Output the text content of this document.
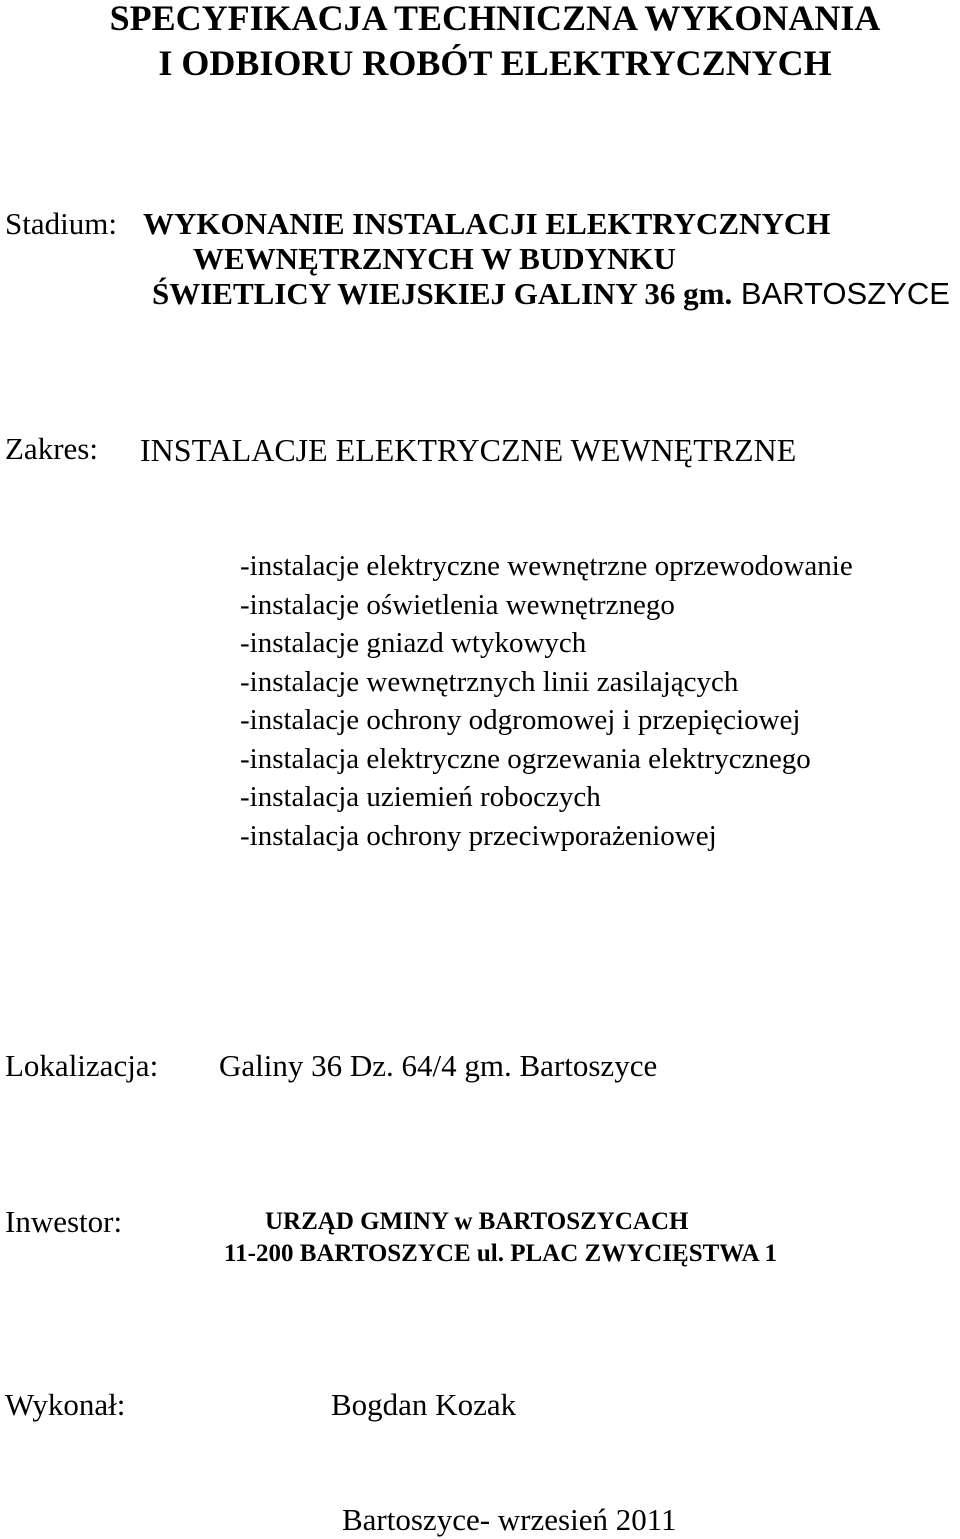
SPECYFIKACJA TECHNICZNA WYKONANIA
I ODBIORU ROBÓT ELEKTRYCZNYCH
Stadium: WYKONANIE INSTALACJI ELEKTRYCZNYCH
WEWNĘTRZNYCH W BUDYNKU
ŚWIETLICY WIEJSKIEJ GALINY 36 gm. BARTOSZYCE
Zakres: INSTALACJE ELEKTRYCZNE WEWNĘTRZNE
-instalacje elektryczne wewnętrzne oprzewodowanie
-instalacje oświetlenia wewnętrznego
-instalacje gniazd wtykowych
-instalacje wewnętrznych linii zasilających
-instalacje ochrony odgromowej i przepięciowej
-instalacja elektryczne ogrzewania elektrycznego
-instalacja uziemień roboczych
-instalacja ochrony przeciwporażeniowej
Lokalizacja: Galiny 36 Dz. 64/4 gm. Bartoszyce
Inwestor:	URZĄD GMINY w BARTOSZYCACH
11-200 BARTOSZYCE ul. PLAC ZWYCIĘSTWA 1
Wykonał:	Bogdan Kozak
Bartoszyce- wrzesień 2011
